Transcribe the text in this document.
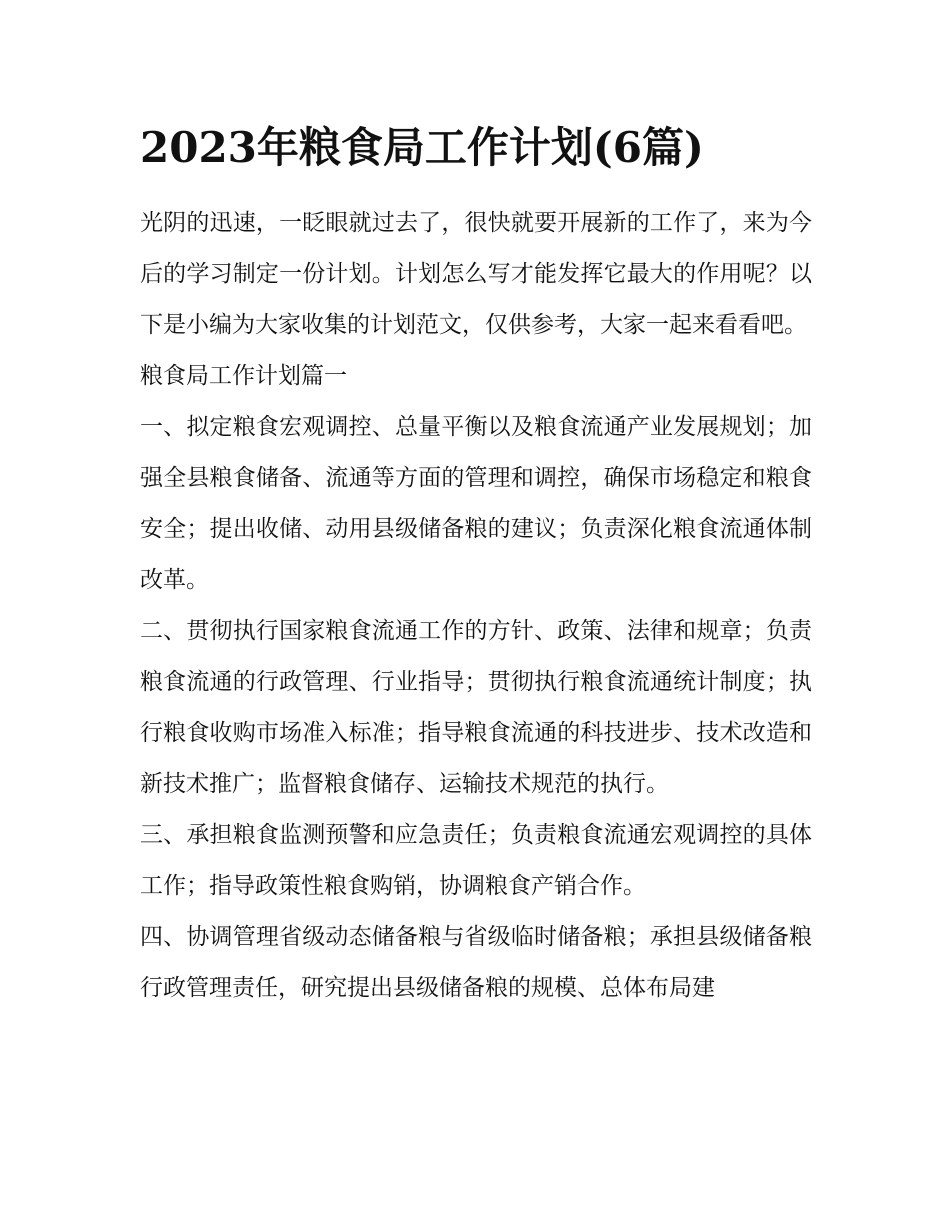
2023年粮食局工作计划(6篇)

光阴的迅速，一眨眼就过去了，很快就要开展新的工作了，来为今后的学习制定一份计划。计划怎么写才能发挥它最大的作用呢？以下是小编为大家收集的计划范文，仅供参考，大家一起来看看吧。

粮食局工作计划篇一

一、拟定粮食宏观调控、总量平衡以及粮食流通产业发展规划；加强全县粮食储备、流通等方面的管理和调控，确保市场稳定和粮食安全；提出收储、动用县级储备粮的建议；负责深化粮食流通体制改革。

二、贯彻执行国家粮食流通工作的方针、政策、法律和规章；负责粮食流通的行政管理、行业指导；贯彻执行粮食流通统计制度；执行粮食收购市场准入标准；指导粮食流通的科技进步、技术改造和新技术推广；监督粮食储存、运输技术规范的执行。

三、承担粮食监测预警和应急责任；负责粮食流通宏观调控的具体工作；指导政策性粮食购销，协调粮食产销合作。

四、协调管理省级动态储备粮与省级临时储备粮；承担县级储备粮行政管理责任，研究提出县级储备粮的规模、总体布局建
